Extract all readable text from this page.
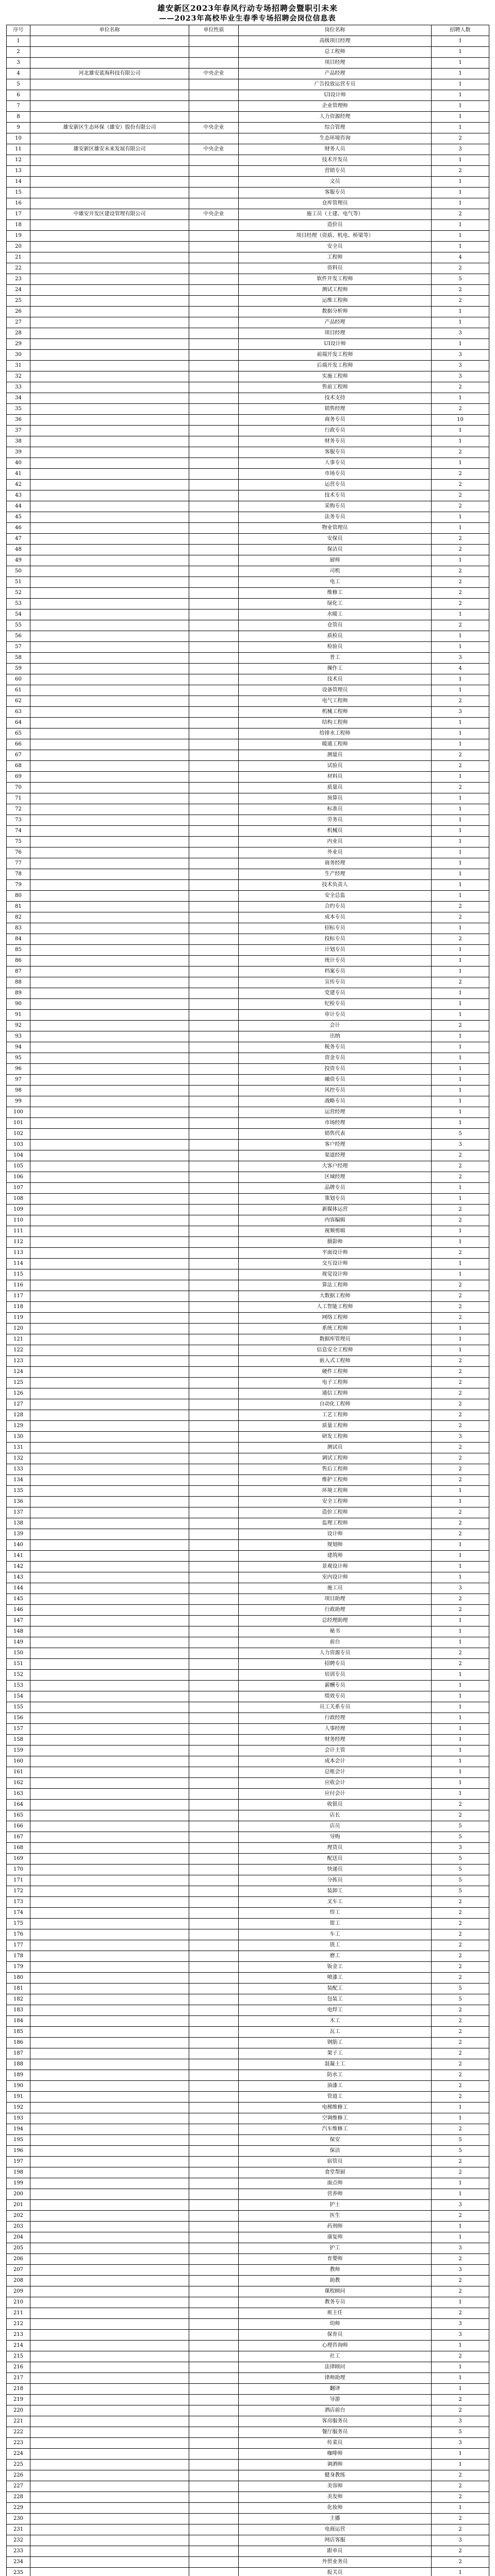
雄安新区2023年春风行动专场招聘会暨职引未来
——2023年高校毕业生春季专场招聘会岗位信息表
序号	单位名称	单位性质	岗位名称	招聘人数
1			高级项目经理	1
2			总工程师	1
3			项目经理	1
4	河北雄安蓝海科技有限公司	中央企业	产品经理	1
5			广告投放运营专员	1
6			UI设计师	1
7			企业管理师	1
8			人力资源经理	1
9	雄安新区生态环保（雄安）股份有限公司	中央企业	综合管理	1
10			生态环境咨询	2
11	雄安新区雄安未来发展有限公司	中央企业	财务人员	3
12			技术开发员	1
13			营销专员	2
14			文员	1
15			客服专员	1
16			仓库管理员	1
17	中雄安开发区建设管理有限公司	中央企业	施工员（土建、电气等）	2
18			造价员	1
19			项目经理（资质、机电、桥梁等）	1
20			安全员	1
21			工程师	4
22			资料员	2
23			软件开发工程师	5
24			测试工程师	2
25			运维工程师	2
26			数据分析师	1
27			产品经理	1
28			项目经理	3
29			UI设计师	1
30			前端开发工程师	3
31			后端开发工程师	3
32			实施工程师	3
33			售前工程师	2
34			技术支持	1
35			销售经理	2
36			商务专员	10
37			行政专员	1
38			财务专员	1
39			客服专员	2
40			人事专员	1
41			市场专员	2
42			运营专员	2
43			技术专员	2
44			采购专员	2
45			法务专员	1
46			物业管理员	1
47			安保员	2
48			保洁员	2
49			厨师	1
50			司机	2
51			电工	2
52			维修工	2
53			绿化工	2
54			水暖工	1
55			仓管员	2
56			质检员	1
57			检验员	1
58			普工	3
59			操作工	4
60			技术员	1
61			设备管理员	1
62			电气工程师	2
63			机械工程师	3
64			结构工程师	1
65			给排水工程师	1
66			暖通工程师	1
67			测量员	2
68			试验员	2
69			材料员	1
70			质量员	2
71			预算员	1
72			标准员	1
73			劳务员	1
74			机械员	1
75			内业员	1
76			外业员	1
77			商务经理	1
78			生产经理	1
79			技术负责人	1
80			安全总监	1
81			合约专员	2
82			成本专员	2
83			招标专员	1
84			投标专员	2
85			计划专员	1
86			统计专员	1
87			档案专员	1
88			宣传专员	2
89			党建专员	1
90			纪检专员	1
91			审计专员	1
92			会计	2
93			出纳	1
94			税务专员	1
95			资金专员	1
96			投资专员	1
97			融资专员	1
98			风控专员	1
99			战略专员	1
100			运营经理	1
101			市场经理	1
102			销售代表	5
103			客户经理	3
104			渠道经理	2
105			大客户经理	2
106			区域经理	2
107			品牌专员	1
108			策划专员	1
109			新媒体运营	2
110			内容编辑	2
111			视频剪辑	1
112			摄影师	1
113			平面设计师	2
114			交互设计师	1
115			视觉设计师	1
116			算法工程师	2
117			大数据工程师	2
118			人工智能工程师	2
119			网络工程师	2
120			系统工程师	1
121			数据库管理员	1
122			信息安全工程师	1
123			嵌入式工程师	2
124			硬件工程师	2
125			电子工程师	2
126			通信工程师	2
127			自动化工程师	2
128			工艺工程师	2
129			质量工程师	2
130			研发工程师	3
131			测试员	2
132			调试工程师	2
133			售后工程师	2
134			维护工程师	2
135			环境工程师	1
136			安全工程师	1
137			造价工程师	2
138			监理工程师	2
139			设计师	2
140			规划师	1
141			建筑师	1
142			景观设计师	1
143			室内设计师	1
144			施工员	3
145			项目助理	2
146			行政助理	2
147			总经理助理	1
148			秘书	1
149			前台	1
150			人力资源专员	2
151			招聘专员	2
152			培训专员	1
153			薪酬专员	1
154			绩效专员	1
155			员工关系专员	1
156			行政经理	1
157			人事经理	1
158			财务经理	1
159			会计主管	1
160			成本会计	1
161			总账会计	1
162			应收会计	1
163			应付会计	1
164			收银员	2
165			店长	2
166			店员	5
167			导购	5
168			理货员	3
169			配送员	5
170			快递员	5
171			分拣员	5
172			装卸工	5
173			叉车工	2
174			焊工	2
175			钳工	2
176			车工	2
177			铣工	2
178			磨工	2
179			钣金工	2
180			喷漆工	2
181			装配工	5
182			包装工	5
183			电焊工	2
184			木工	2
185			瓦工	2
186			钢筋工	2
187			架子工	2
188			混凝土工	2
189			防水工	2
190			油漆工	2
191			管道工	2
192			电梯维修工	1
193			空调维修工	1
194			汽车维修工	2
195			保安	5
196			保洁	5
197			宿管员	2
198			食堂帮厨	2
199			面点师	1
200			营养师	1
201			护士	3
202			医生	2
203			药剂师	1
204			康复师	1
205			护工	3
206			育婴师	2
207			教师	3
208			助教	2
209			课程顾问	2
210			教务专员	1
211			班主任	2
212			幼师	3
213			保育员	3
214			心理咨询师	1
215			社工	2
216			法律顾问	1
217			律师助理	1
218			翻译	1
219			导游	2
220			酒店前台	2
221			客房服务员	3
222			餐厅服务员	5
223			传菜员	3
224			咖啡师	1
225			调酒师	1
226			健身教练	2
227			美容师	2
228			美发师	2
229			化妆师	1
230			主播	2
231			电商运营	2
232			网店客服	3
233			跟单员	2
234			外贸业务员	2
235			报关员	1
